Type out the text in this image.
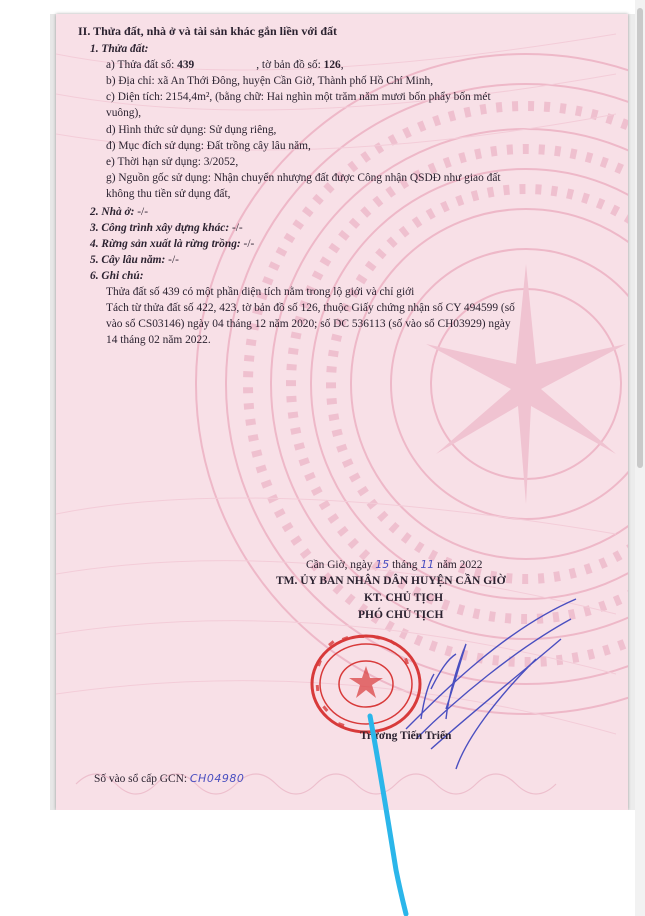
II. Thửa đất, nhà ở và tài sản khác gắn liền với đất
1. Thửa đất:
a) Thửa đất số: 439	, tờ bản đồ số: 126,
b) Địa chỉ: xã An Thới Đông, huyện Cần Giờ, Thành phố Hồ Chí Minh,
c) Diện tích: 2154,4m², (bằng chữ: Hai nghìn một trăm năm mươi bốn phẩy bốn mét
vuông),
d) Hình thức sử dụng: Sử dụng riêng,
đ) Mục đích sử dụng: Đất trồng cây lâu năm,
e) Thời hạn sử dụng: 3/2052,
g) Nguồn gốc sử dụng: Nhận chuyển nhượng đất được Công nhận QSDĐ như giao đất
không thu tiền sử dụng đất,
2. Nhà ở: -/-
3. Công trình xây dựng khác: -/-
4. Rừng sản xuất là rừng trồng: -/-
5. Cây lâu năm: -/-
6. Ghi chú:
Thửa đất số 439 có một phần diện tích nằm trong lộ giới và chỉ giới
Tách từ thửa đất số 422, 423, tờ bản đồ số 126, thuộc Giấy chứng nhận số CY 494599 (số
vào sổ CS03146) ngày 04 tháng 12 năm 2020; số DC 536113 (số vào sổ CH03929) ngày
14 tháng 02 năm 2022.
Cần Giờ, ngày 15 tháng 11 năm 2022
TM. ỦY BAN NHÂN DÂN HUYỆN CẦN GIỜ
KT. CHỦ TỊCH
PHÓ CHỦ TỊCH
Trương Tiến Triển
Số vào sổ cấp GCN: CH04980
